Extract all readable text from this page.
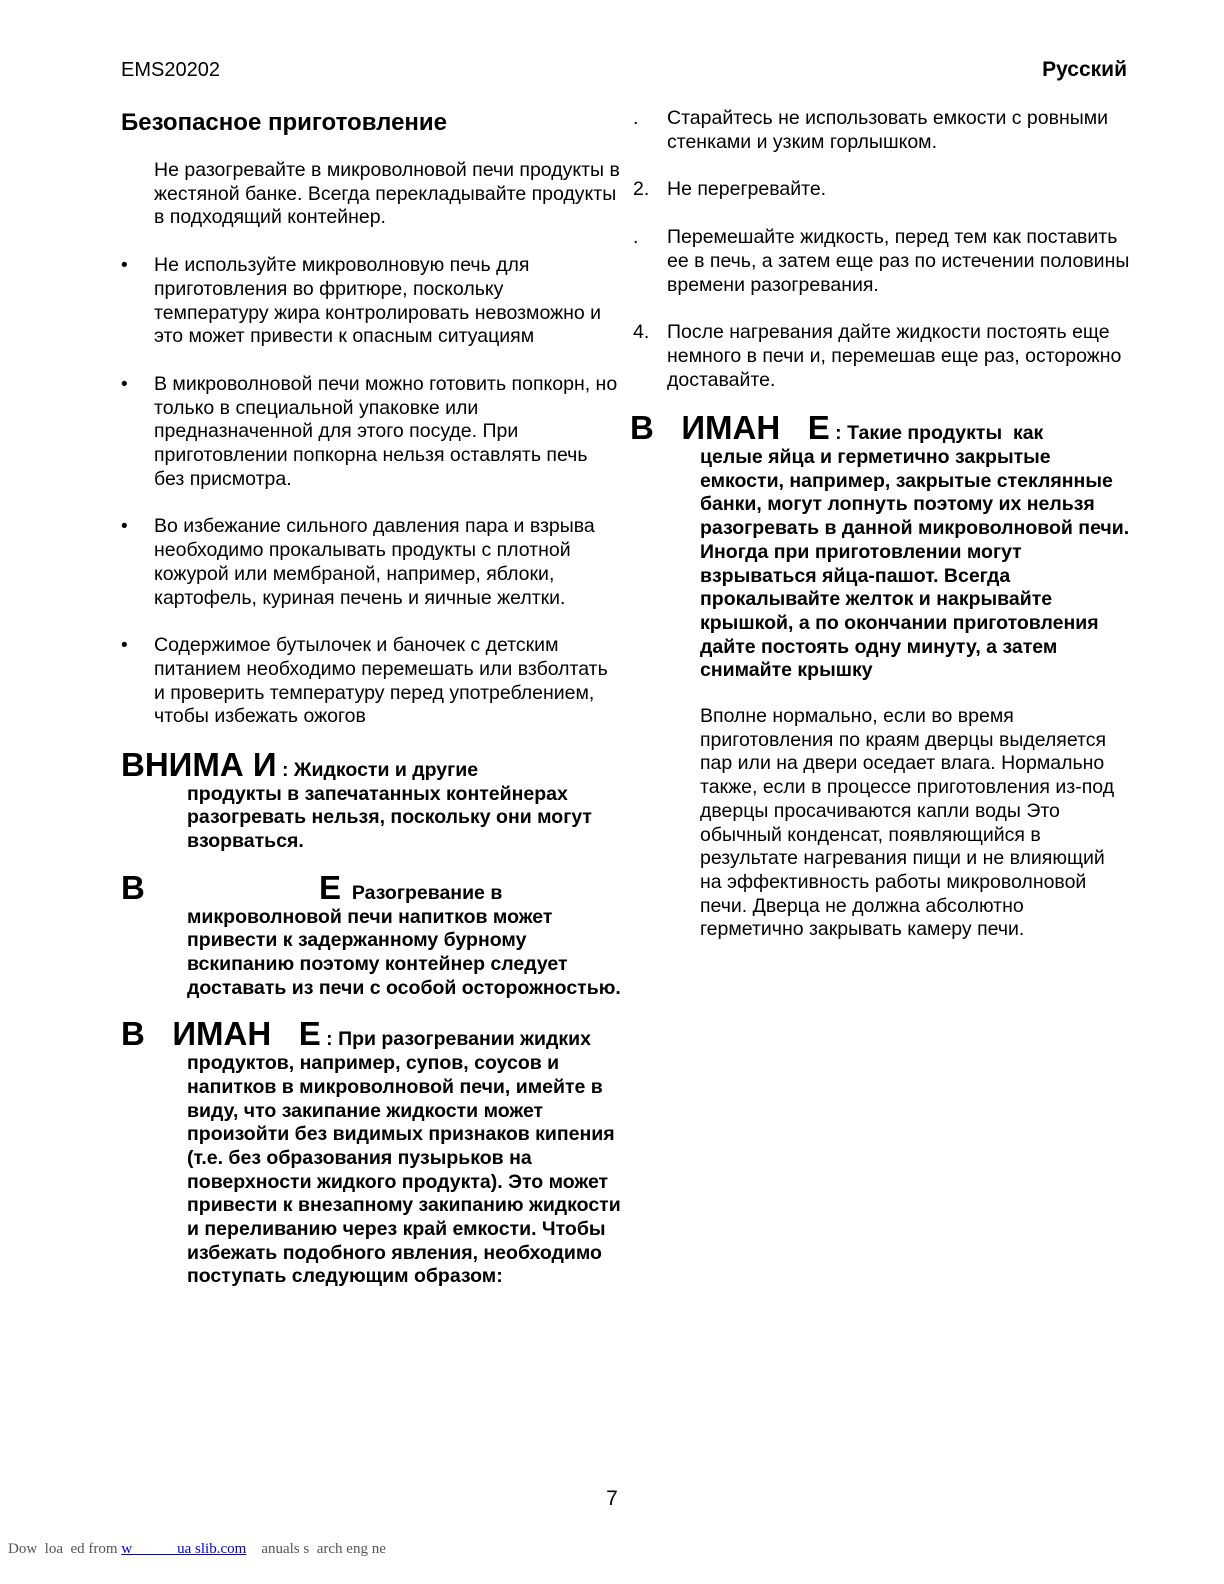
EMS20202	Русский
Безопасное приготовление
Не разогревайте в микроволновой печи продукты в жестяной банке. Всегда перекладывайте продукты в подходящий контейнер.
• Не используйте микроволновую печь для приготовления во фритюре, поскольку температуру жира контролировать невозможно и это может привести к опасным ситуациям
• В микроволновой печи можно готовить попкорн, но только в специальной упаковке или предназначенной для этого посуде. При приготовлении попкорна нельзя оставлять печь без присмотра.
• Во избежание сильного давления пара и взрыва необходимо прокалывать продукты с плотной кожурой или мембраной, например, яблоки, картофель, куриная печень и яичные желтки.
• Содержимое бутылочек и баночек с детским питанием необходимо перемешать или взболтать и проверить температуру перед употреблением, чтобы избежать ожогов
ВНИМА И : Жидкости и другие
продукты в запечатанных контейнерах разогревать нельзя, поскольку они могут взорваться.
В                   Е  Разогревание в
микроволновой печи напитков может привести к задержанному бурному вскипанию поэтому контейнер следует доставать из печи с особой осторожностью.
В   ИМАН   Е : При разогревании жидких
продуктов, например, супов, соусов и напитков в микроволновой печи, имейте в виду, что закипание жидкости может произойти без видимых признаков кипения (т.е. без образования пузырьков на поверхности жидкого продукта). Это может привести к внезапному закипанию жидкости и переливанию через край емкости. Чтобы избежать подобного явления, необходимо поступать следующим образом:
. Старайтесь не использовать емкости с ровными стенками и узким горлышком.
2. Не перегревайте.
. Перемешайте жидкость, перед тем как поставить ее в печь, а затем еще раз по истечении половины времени разогревания.
4. После нагревания дайте жидкости постоять еще немного в печи и, перемешав еще раз, осторожно доставайте.
В   ИМАН   Е : Такие продукты  как
целые яйца и герметично закрытые емкости, например, закрытые стеклянные банки, могут лопнуть поэтому их нельзя разогревать в данной микроволновой печи. Иногда при приготовлении могут взрываться яйца-пашот. Всегда прокалывайте желток и накрывайте крышкой, а по окончании приготовления дайте постоять одну минуту, а затем снимайте крышку
Вполне нормально, если во время приготовления по краям дверцы выделяется пар или на двери оседает влага. Нормально также, если в процессе приготовления из-под дверцы просачиваются капли воды Это обычный конденсат, появляющийся в результате нагревания пищи и не влияющий на эффективность работы микроволновой печи. Дверца не должна абсолютно герметично закрывать камеру печи.
7
Dow  loa  ed from w            ua slib.com    anuals s  arch eng ne
